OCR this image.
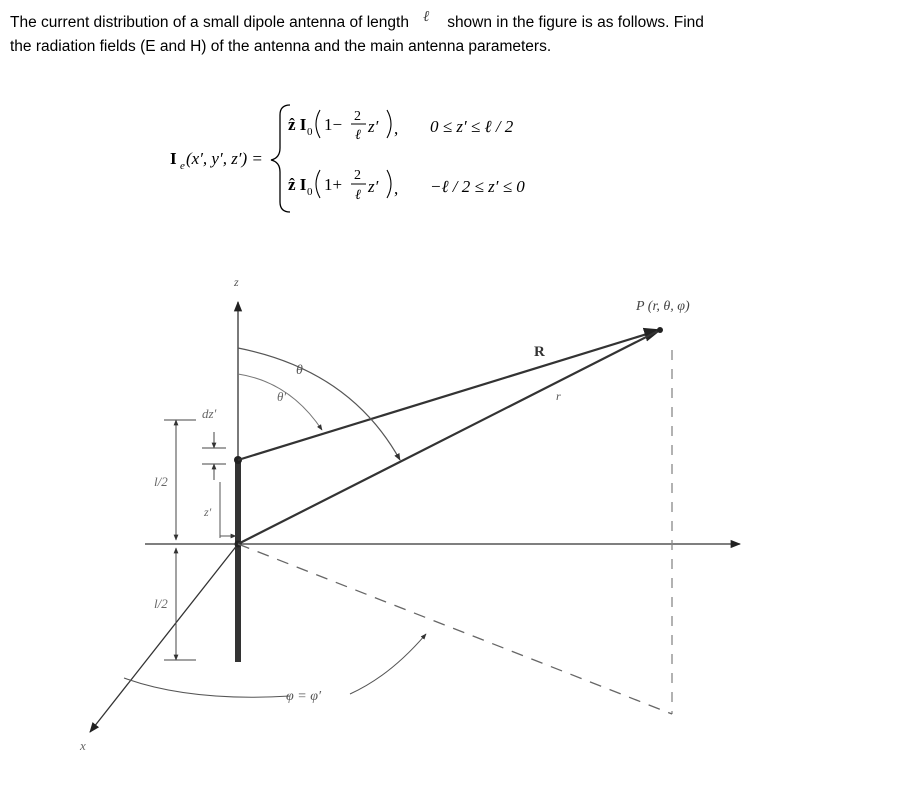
The current distribution of a small dipole antenna of length ℓ shown in the figure is as follows. Find
the radiation fields (E and H) of the antenna and the main antenna parameters.
I e (x′, y′, z′) =
ẑ I 0 1− 2
ℓ z′ , 0 ≤ z′ ≤ ℓ / 2
ẑ I 0 1+ 2
ℓ z′ , −ℓ / 2 ≤ z′ ≤ 0
z
x
θ
θ′
R
r
P (r, θ, φ)
dz′
z′
l/2
l/2
φ = φ′
